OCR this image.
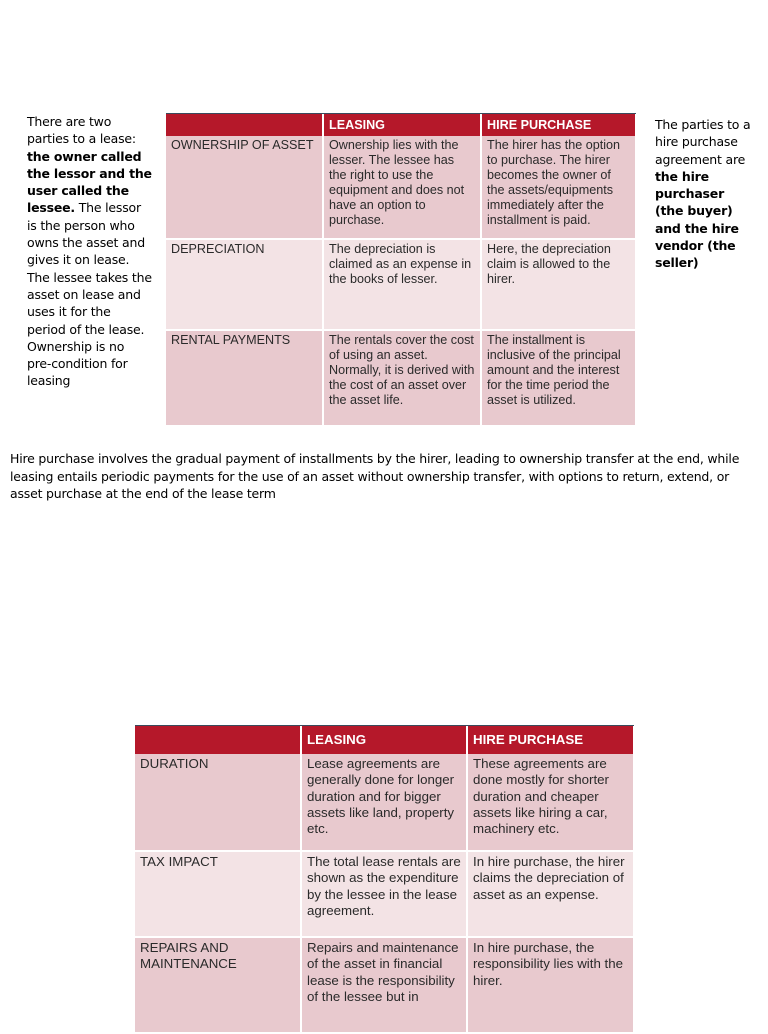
There are two parties to a lease: the owner called the lessor and the user called the lessee. The lessor is the person who owns the asset and gives it on lease. The lessee takes the asset on lease and uses it for the period of the lease. Ownership is no pre-condition for leasing
	LEASING	HIRE PURCHASE
OWNERSHIP OF ASSET	Ownership lies with the lesser. The lessee has the right to use the equipment and does not have an option to purchase.	The hirer has the option to purchase. The hirer becomes the owner of the assets/equipments immediately after the installment is paid.
DEPRECIATION	The depreciation is claimed as an expense in the books of lesser.	Here, the depreciation claim is allowed to the hirer.
RENTAL PAYMENTS	The rentals cover the cost of using an asset. Normally, it is derived with the cost of an asset over the asset life.	The installment is inclusive of the principal amount and the interest for the time period the asset is utilized.
The parties to a hire purchase agreement are the hire purchaser (the buyer) and the hire vendor (the seller)
Hire purchase involves the gradual payment of installments by the hirer, leading to ownership transfer at the end, while leasing entails periodic payments for the use of an asset without ownership transfer, with options to return, extend, or asset purchase at the end of the lease term
	LEASING	HIRE PURCHASE
DURATION	Lease agreements are generally done for longer duration and for bigger assets like land, property etc.	These agreements are done mostly for shorter duration and cheaper assets like hiring a car, machinery etc.
TAX IMPACT	The total lease rentals are shown as the expenditure by the lessee in the lease agreement.	In hire purchase, the hirer claims the depreciation of asset as an expense.
REPAIRS AND MAINTENANCE	Repairs and maintenance of the asset in financial lease is the responsibility of the lessee but in	In hire purchase, the responsibility lies with the hirer.
